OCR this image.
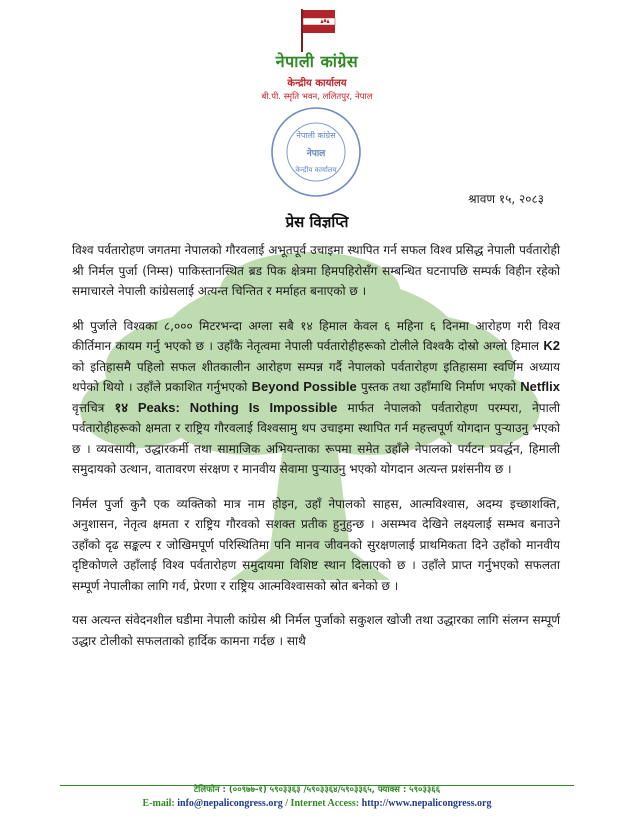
नेपाली कांग्रेस
केन्द्रीय कार्यालय
बी.पी. स्मृति भवन, ललितपुर, नेपाल
नेपाली कांग्रेस
नेपाल
केन्द्रीय कार्यालय
श्रावण १५, २०८३
प्रेस विज्ञप्ति

विश्व पर्वतारोहण जगतमा नेपालको गौरवलाई अभूतपूर्व उचाइमा स्थापित गर्न सफल विश्व प्रसिद्ध नेपाली पर्वतारोही श्री निर्मल पुर्जा (निम्स) पाकिस्तानस्थित ब्रड पिक क्षेत्रमा हिमपहिरोसँग सम्बन्धित घटनापछि सम्पर्क विहीन रहेको समाचारले नेपाली कांग्रेसलाई अत्यन्त चिन्तित र मर्माहत बनाएको छ ।

श्री पुर्जाले विश्वका ८,००० मिटरभन्दा अग्ला सबै १४ हिमाल केवल ६ महिना ६ दिनमा आरोहण गरी विश्व कीर्तिमान कायम गर्नु भएको छ । उहाँकै नेतृत्वमा नेपाली पर्वतारोहीहरूको टोलीले विश्वकै दोस्रो अग्लो हिमाल K2 को इतिहासमै पहिलो सफल शीतकालीन आरोहण सम्पन्न गर्दै नेपालको पर्वतारोहण इतिहासमा स्वर्णिम अध्याय थपेको थियो । उहाँले प्रकाशित गर्नुभएको Beyond Possible पुस्तक तथा उहाँमाथि निर्माण भएको Netflix वृत्तचित्र १४ Peaks: Nothing Is Impossible मार्फत नेपालको पर्वतारोहण परम्परा, नेपाली पर्वतारोहीहरूको क्षमता र राष्ट्रिय गौरवलाई विश्वसामु थप उचाइमा स्थापित गर्न महत्त्वपूर्ण योगदान पुऱ्याउनु भएको छ । व्यवसायी, उद्धारकर्मी तथा सामाजिक अभियन्ताका रूपमा समेत उहाँले नेपालको पर्यटन प्रवर्द्धन, हिमाली समुदायको उत्थान, वातावरण संरक्षण र मानवीय सेवामा पुऱ्याउनु भएको योगदान अत्यन्त प्रशंसनीय छ ।

निर्मल पुर्जा कुनै एक व्यक्तिको मात्र नाम होइन, उहाँ नेपालको साहस, आत्मविश्वास, अदम्य इच्छाशक्ति, अनुशासन, नेतृत्व क्षमता र राष्ट्रिय गौरवको सशक्त प्रतीक हुनुहुन्छ । असम्भव देखिने लक्ष्यलाई सम्भव बनाउने उहाँको दृढ सङ्कल्प र जोखिमपूर्ण परिस्थितिमा पनि मानव जीवनको सुरक्षणलाई प्राथमिकता दिने उहाँको मानवीय दृष्टिकोणले उहाँलाई विश्व पर्वतारोहण समुदायमा विशिष्ट स्थान दिलाएको छ । उहाँले प्राप्त गर्नुभएको सफलता सम्पूर्ण नेपालीका लागि गर्व, प्रेरणा र राष्ट्रिय आत्मविश्वासको स्रोत बनेको छ ।

यस अत्यन्त संवेदनशील घडीमा नेपाली कांग्रेस श्री निर्मल पुर्जाको सकुशल खोजी तथा उद्धारका लागि संलग्न सम्पूर्ण उद्धार टोलीको सफलताको हार्दिक कामना गर्दछ । साथै

टेलिफोन : (००९७७-१) ५९०३३६३ /५९०३३६४/५९०३३६५, फ्याक्स : ५९०३३६६
E-mail: info@nepalicongress.org / Internet Access: http://www.nepalicongress.org
